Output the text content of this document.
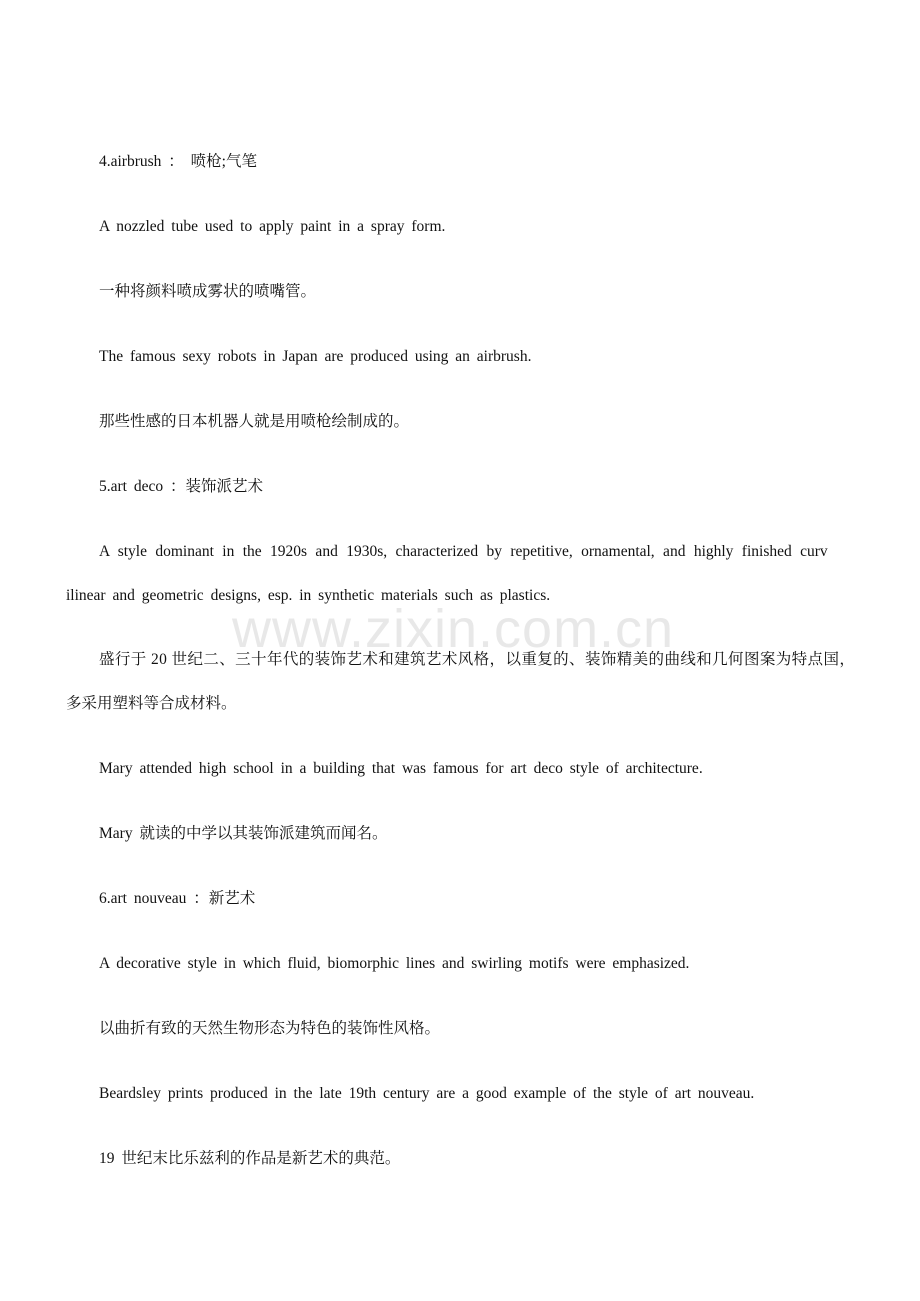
www.zixin.com.cn
4.airbrush ： 喷枪;气笔
A nozzled tube used to apply paint in a spray form.
一种将颜料喷成雾状的喷嘴管。
The famous sexy robots in Japan are produced using an airbrush.
那些性感的日本机器人就是用喷枪绘制成的。
5.art deco ：装饰派艺术
A style dominant in the 1920s and 1930s, characterized by repetitive, ornamental, and highly finished curv
ilinear and geometric designs, esp. in synthetic materials such as plastics.
盛行于 20 世纪二、三十年代的装饰艺术和建筑艺术风格，以重复的、装饰精美的曲线和几何图案为特点国，
多采用塑料等合成材料。
Mary attended high school in a building that was famous for art deco style of architecture.
Mary 就读的中学以其装饰派建筑而闻名。
6.art nouveau ：新艺术
A decorative style in which fluid, biomorphic lines and swirling motifs were emphasized.
以曲折有致的天然生物形态为特色的装饰性风格。
Beardsley prints produced in the late 19th century are a good example of the style of art nouveau.
19 世纪末比乐兹利的作品是新艺术的典范。
